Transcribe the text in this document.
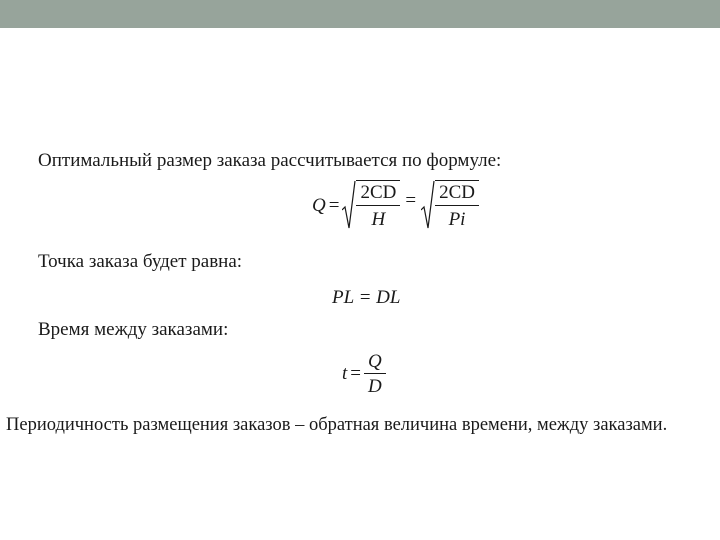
Оптимальный размер заказа рассчитывается по формуле:
$Q = \frac{2CD}{H} = \frac{2CD}{Pi}$
Точка заказа будет равна:
PL = DL
Время между заказами:
$t = \frac{Q}{D}$
Периодичность размещения заказов – обратная величина времени, между заказами.
